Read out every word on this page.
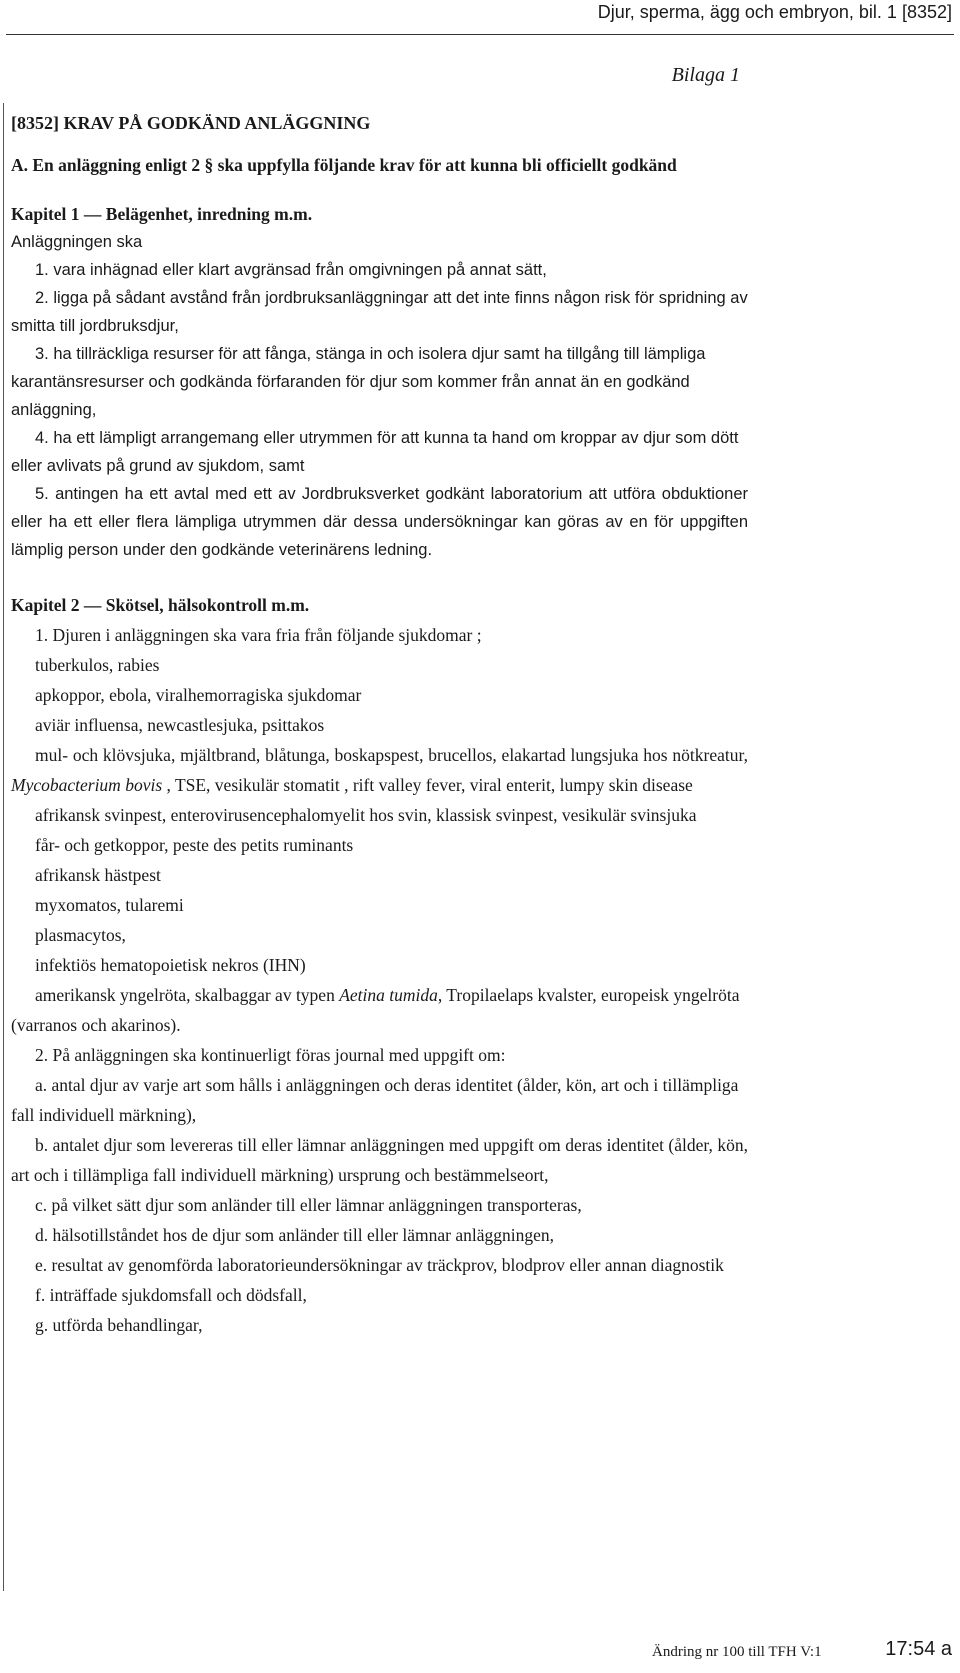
Djur, sperma, ägg och embryon, bil. 1 [8352]
Bilaga 1

[8352] KRAV PÅ GODKÄND ANLÄGGNING

A. En anläggning enligt 2 § ska uppfylla följande krav för att kunna bli officiellt godkänd

Kapitel 1 — Belägenhet, inredning m.m.

Anläggningen ska

1. vara inhägnad eller klart avgränsad från omgivningen på annat sätt,

2. ligga på sådant avstånd från jordbruksanläggningar att det inte finns någon risk för spridning av smitta till jordbruksdjur,

3. ha tillräckliga resurser för att fånga, stänga in och isolera djur samt ha tillgång till lämpliga karantänsresurser och godkända förfaranden för djur som kommer från annat än en godkänd anläggning,

4. ha ett lämpligt arrangemang eller utrymmen för att kunna ta hand om kroppar av djur som dött eller avlivats på grund av sjukdom, samt

5. antingen ha ett avtal med ett av Jordbruksverket godkänt laboratorium att utföra obduktioner eller ha ett eller flera lämpliga utrymmen där dessa undersökningar kan göras av en för uppgiften lämplig person under den godkände veterinärens ledning.

Kapitel 2 — Skötsel, hälsokontroll m.m.

1. Djuren i anläggningen ska vara fria från följande sjukdomar ;

tuberkulos, rabies

apkoppor, ebola, viralhemorragiska sjukdomar

aviär influensa, newcastlesjuka, psittakos

mul- och klövsjuka, mjältbrand, blåtunga, boskapspest, brucellos, elakartad lungsjuka hos nötkreatur, Mycobacterium bovis , TSE, vesikulär stomatit , rift valley fever, viral enterit, lumpy skin disease

afrikansk svinpest, enterovirusencephalomyelit hos svin, klassisk svinpest, vesikulär svinsjuka

får- och getkoppor, peste des petits ruminants

afrikansk hästpest

myxomatos, tularemi

plasmacytos,

infektiös hematopoietisk nekros (IHN)

amerikansk yngelröta, skalbaggar av typen Aetina tumida, Tropilaelaps kvalster, europeisk yngelröta (varranos och akarinos).

2. På anläggningen ska kontinuerligt föras journal med uppgift om:

a. antal djur av varje art som hålls i anläggningen och deras identitet (ålder, kön, art och i tillämpliga fall individuell märkning),

b. antalet djur som levereras till eller lämnar anläggningen med uppgift om deras identitet (ålder, kön, art och i tillämpliga fall individuell märkning) ursprung och bestämmelseort,

c. på vilket sätt djur som anländer till eller lämnar anläggningen transporteras,

d. hälsotillståndet hos de djur som anländer till eller lämnar anläggningen,

e. resultat av genomförda laboratorieundersökningar av träckprov, blodprov eller annan diagnostik

f. inträffade sjukdomsfall och dödsfall,

g. utförda behandlingar,

Ändring nr 100 till TFH V:1	17:54 a
